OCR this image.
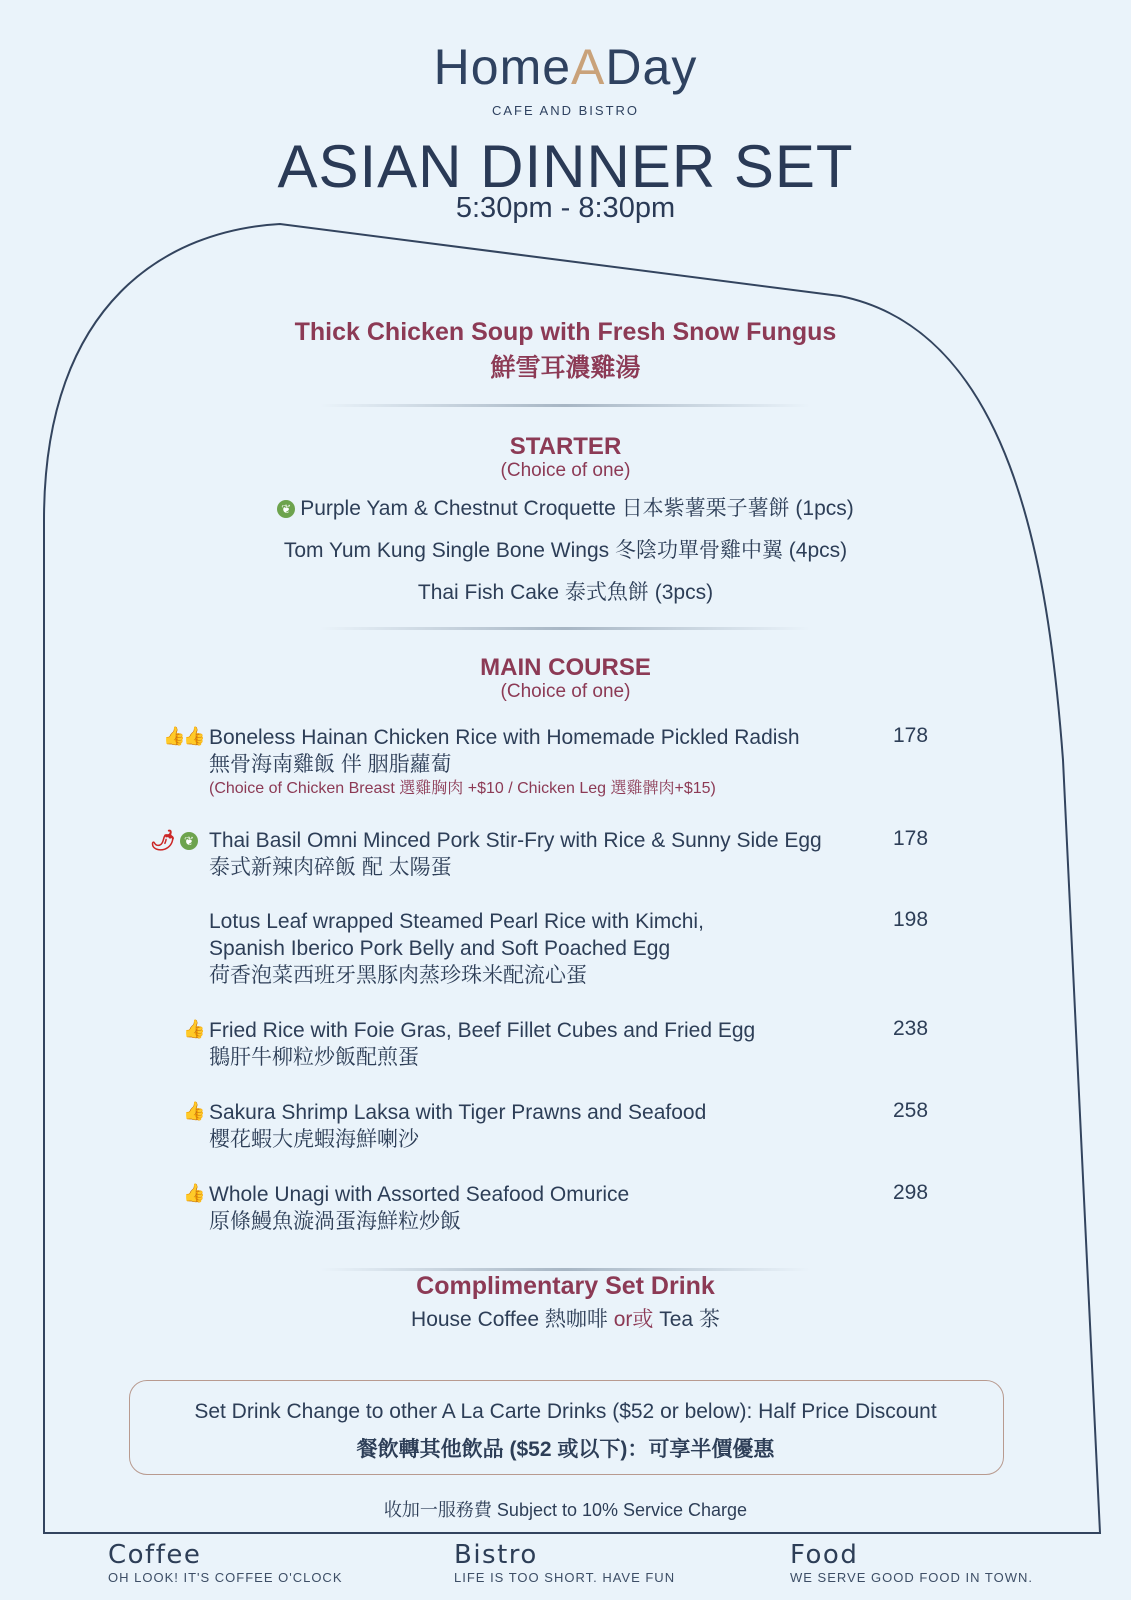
HomeADay
CAFE AND BISTRO
ASIAN DINNER SET
5:30pm - 8:30pm
Thick Chicken Soup with Fresh Snow Fungus
鮮雪耳濃雞湯
STARTER
(Choice of one)
❦ Purple Yam & Chestnut Croquette 日本紫薯栗子薯餅 (1pcs)
Tom Yum Kung Single Bone Wings 冬陰功單骨雞中翼 (4pcs)
Thai Fish Cake 泰式魚餅 (3pcs)
MAIN COURSE
(Choice of one)
👍👍 Boneless Hainan Chicken Rice with Homemade Pickled Radish
無骨海南雞飯 伴 胭脂蘿蔔
(Choice of Chicken Breast 選雞胸肉 +$10 / Chicken Leg 選雞髀肉+$15)
178
🌶 ❦ Thai Basil Omni Minced Pork Stir-Fry with Rice & Sunny Side Egg
泰式新辣肉碎飯 配 太陽蛋
178
Lotus Leaf wrapped Steamed Pearl Rice with Kimchi,
Spanish Iberico Pork Belly and Soft Poached Egg
荷香泡菜西班牙黑豚肉蒸珍珠米配流心蛋
198
👍 Fried Rice with Foie Gras, Beef Fillet Cubes and Fried Egg
鵝肝牛柳粒炒飯配煎蛋
238
👍 Sakura Shrimp Laksa with Tiger Prawns and Seafood
櫻花蝦大虎蝦海鮮喇沙
258
👍 Whole Unagi with Assorted Seafood Omurice
原條鰻魚漩渦蛋海鮮粒炒飯
298
Complimentary Set Drink
House Coffee 熱咖啡 or或 Tea 茶
Set Drink Change to other A La Carte Drinks ($52 or below): Half Price Discount
餐飲轉其他飲品 ($52 或以下)：可享半價優惠
收加一服務費 Subject to 10% Service Charge
Coffee
OH LOOK! IT'S COFFEE O'CLOCK
Bistro
LIFE IS TOO SHORT. HAVE FUN
Food
WE SERVE GOOD FOOD IN TOWN.
